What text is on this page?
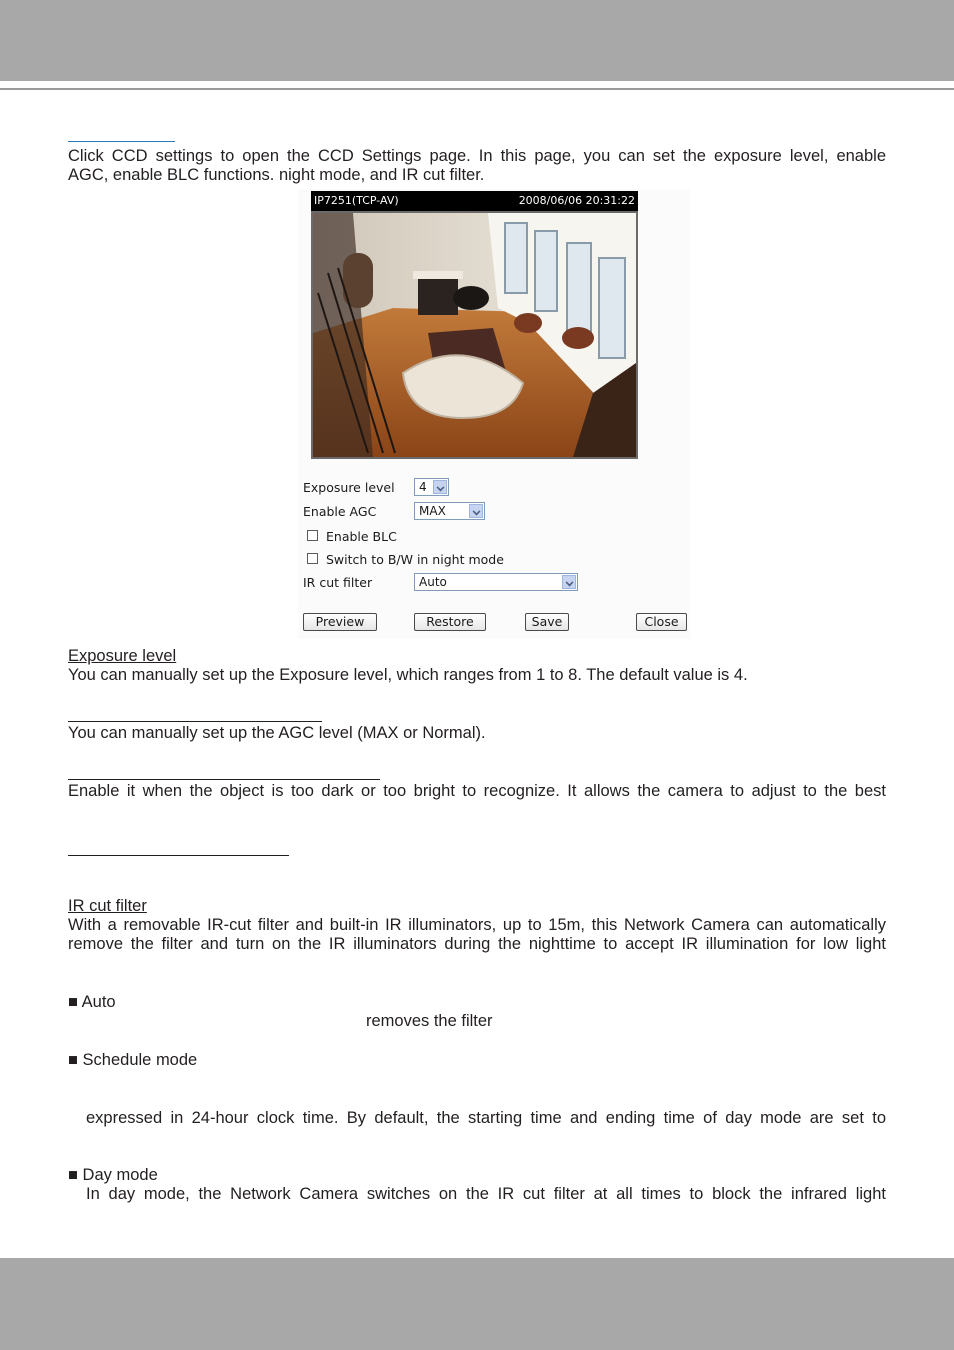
Click CCD settings to open the CCD Settings page. In this page, you can set the exposure level, enable
AGC, enable BLC functions. night mode, and IR cut filter.
IP7251(TCP-AV)	2008/06/06 20:31:22
Exposure level	4
Enable AGC	MAX
Enable BLC
Switch to B/W in night mode
IR cut filter	Auto
Preview	Restore	Save	Close
Exposure level
You can manually set up the Exposure level, which ranges from 1 to 8. The default value is 4.
You can manually set up the AGC level (MAX or Normal).
Enable it when the object is too dark or too bright to recognize. It allows the camera to adjust to the best
IR cut filter
With a removable IR-cut filter and built-in IR illuminators, up to 15m, this Network Camera can automatically
remove the filter and turn on the IR illuminators during the nighttime to accept IR illumination for low light
■ Auto
removes the filter
■ Schedule mode
expressed in 24-hour clock time. By default, the starting time and ending time of day mode are set to
■ Day mode
In day mode, the Network Camera switches on the IR cut filter at all times to block the infrared light
